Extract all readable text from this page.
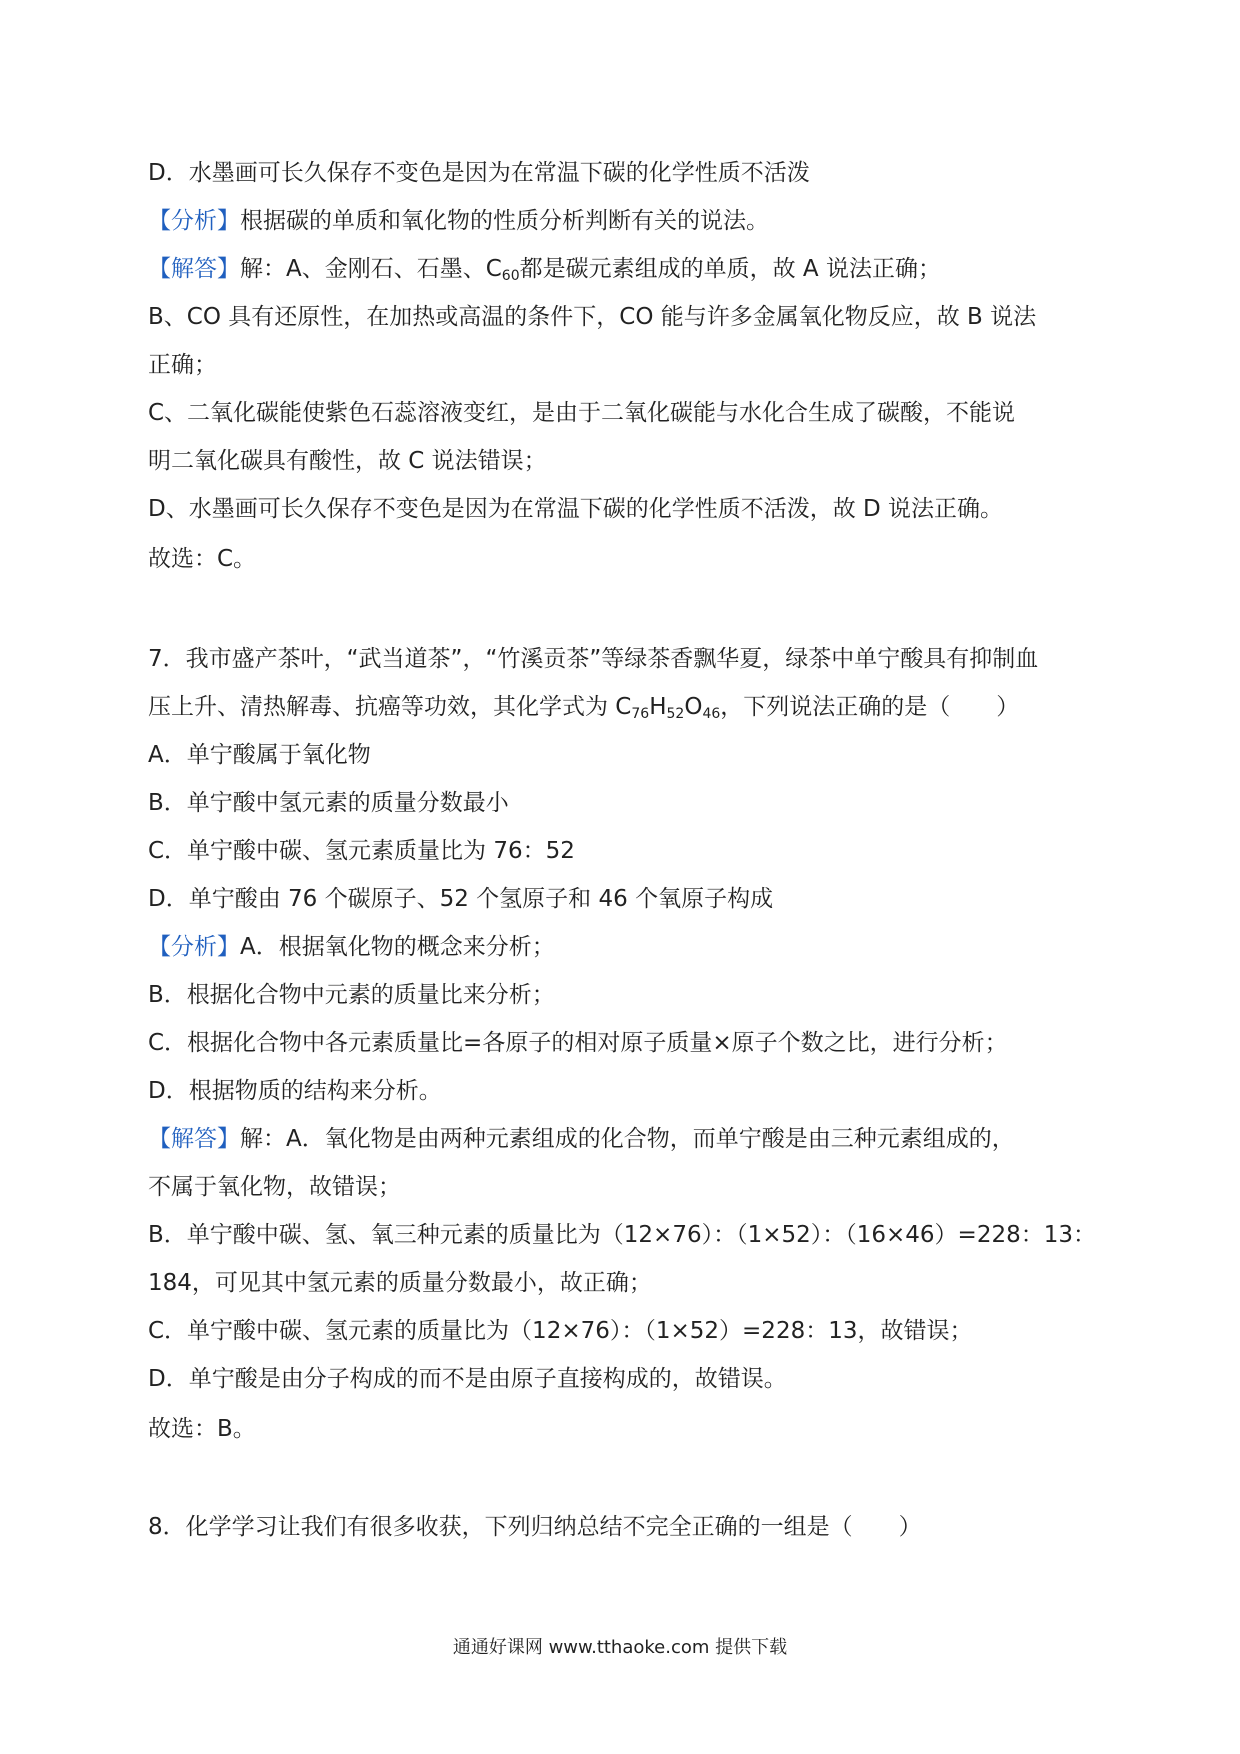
D．水墨画可长久保存不变色是因为在常温下碳的化学性质不活泼
【分析】根据碳的单质和氧化物的性质分析判断有关的说法。
【解答】解：A、金刚石、石墨、$C_{60}$都是碳元素组成的单质，故 A 说法正确；
B、CO 具有还原性，在加热或高温的条件下，CO 能与许多金属氧化物反应，故 B 说法
正确；
C、二氧化碳能使紫色石蕊溶液变红，是由于二氧化碳能与水化合生成了碳酸，不能说
明二氧化碳具有酸性，故 C 说法错误；
D、水墨画可长久保存不变色是因为在常温下碳的化学性质不活泼，故 D 说法正确。
故选：C。
7．我市盛产茶叶，“武当道茶”，“竹溪贡茶”等绿茶香飘华夏，绿茶中单宁酸具有抑制血
压上升、清热解毒、抗癌等功效，其化学式为 $C_{76}H_{52}O_{46}$，下列说法正确的是（　　）
A．单宁酸属于氧化物
B．单宁酸中氢元素的质量分数最小
C．单宁酸中碳、氢元素质量比为 76：52
D．单宁酸由 76 个碳原子、52 个氢原子和 46 个氧原子构成
【分析】A．根据氧化物的概念来分析；
B．根据化合物中元素的质量比来分析；
C．根据化合物中各元素质量比=各原子的相对原子质量×原子个数之比，进行分析；
D．根据物质的结构来分析。
【解答】解：A．氧化物是由两种元素组成的化合物，而单宁酸是由三种元素组成的，
不属于氧化物，故错误；
B．单宁酸中碳、氢、氧三种元素的质量比为（12×76）：（1×52）：（16×46）=228：13：
184，可见其中氢元素的质量分数最小，故正确；
C．单宁酸中碳、氢元素的质量比为（12×76）：（1×52）=228：13，故错误；
D．单宁酸是由分子构成的而不是由原子直接构成的，故错误。
故选：B。
8．化学学习让我们有很多收获，下列归纳总结不完全正确的一组是（　　）
通通好课网 www.tthaoke.com 提供下载
